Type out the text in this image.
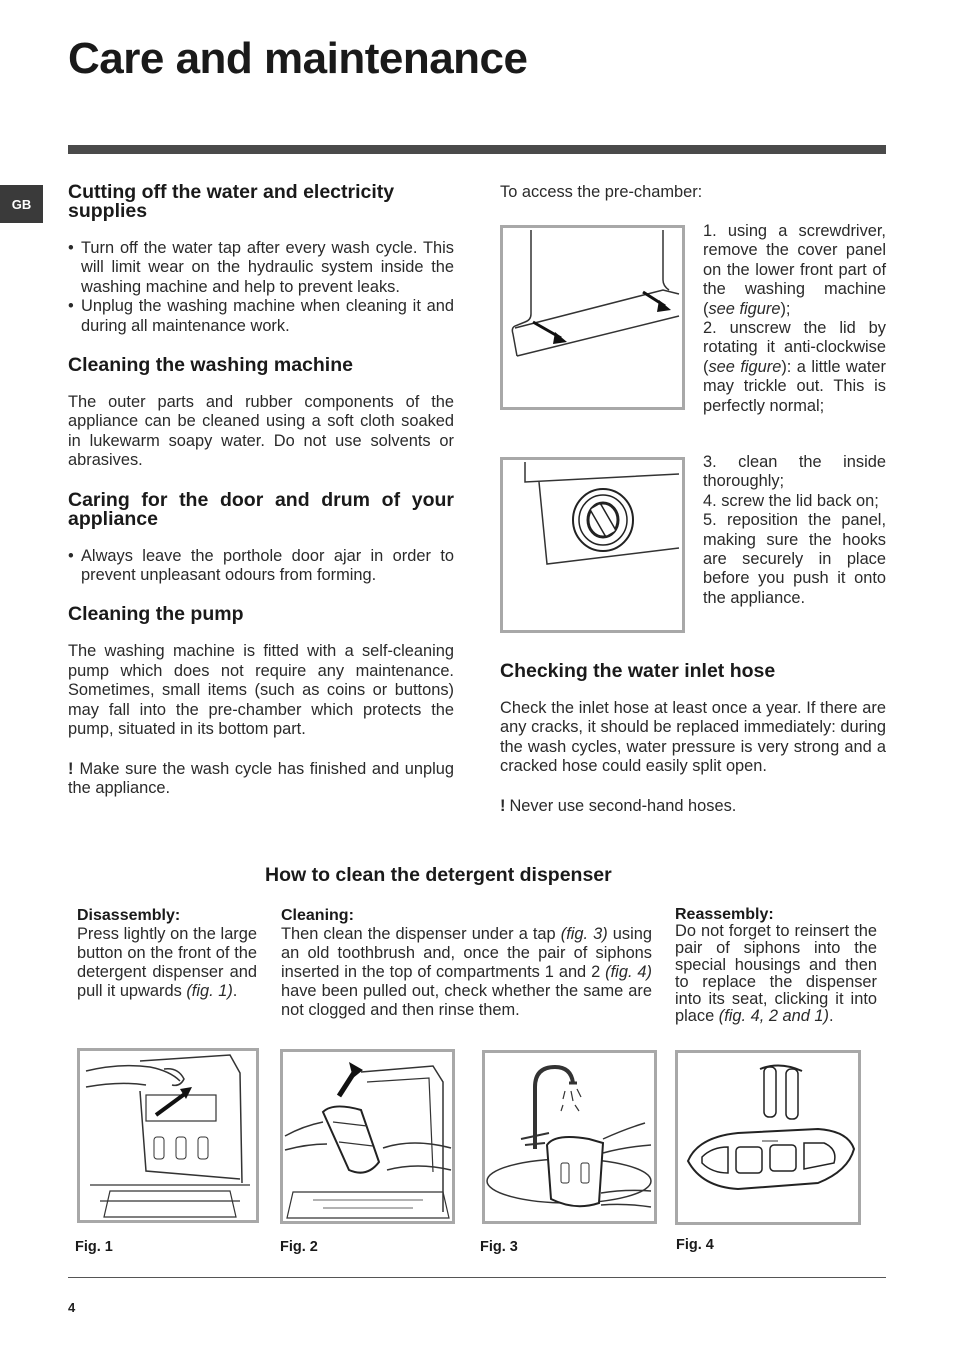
Care and maintenance
GB
Cutting off the water and electricity supplies
• Turn off the water tap after every wash cycle. This will limit wear on the hydraulic system inside the washing machine and help to prevent leaks.
• Unplug the washing machine when cleaning it and during all maintenance work.
Cleaning the washing machine

The outer parts and rubber components of the appliance can be cleaned using a soft cloth soaked in lukewarm soapy water. Do not use solvents or abrasives.

Caring for the door and drum of your appliance
• Always leave the porthole door ajar in order to prevent unpleasant odours from forming.
Cleaning the pump

The washing machine is fitted with a self-cleaning pump which does not require any maintenance. Sometimes, small items (such as coins or buttons) may fall into the pre-chamber which protects the pump, situated in its bottom part.

! Make sure the wash cycle has finished and unplug the appliance.

To access the pre-chamber:

1. using a screwdriver, remove the cover panel on the lower front part of the washing machine (see figure);
2. unscrew the lid by rotating it anti-clockwise (see figure): a little water may trickle out. This is perfectly normal;
3. clean the inside thoroughly;
4. screw the lid back on;
5. reposition the panel, making sure the hooks are securely in place before you push it onto the appliance.
Checking the water inlet hose

Check the inlet hose at least once a year. If there are any cracks, it should be replaced immediately: during the wash cycles, water pressure is very strong and a cracked hose could easily split open.

! Never use second-hand hoses.

How to clean the detergent dispenser
Disassembly:

Press lightly on the large button on the front of the detergent dispenser and pull it upwards (fig. 1).

Cleaning:

Then clean the dispenser under a tap (fig. 3) using an old toothbrush and, once the pair of siphons inserted in the top of compartments 1 and 2 (fig. 4) have been pulled out, check whether the same are not clogged and then rinse them.

Reassembly:

Do not forget to reinsert the pair of siphons into the special housings and then to replace the dispenser into its seat, clicking it into place (fig. 4, 2 and 1).

Fig. 1	Fig. 2	Fig. 3	Fig. 4
4
